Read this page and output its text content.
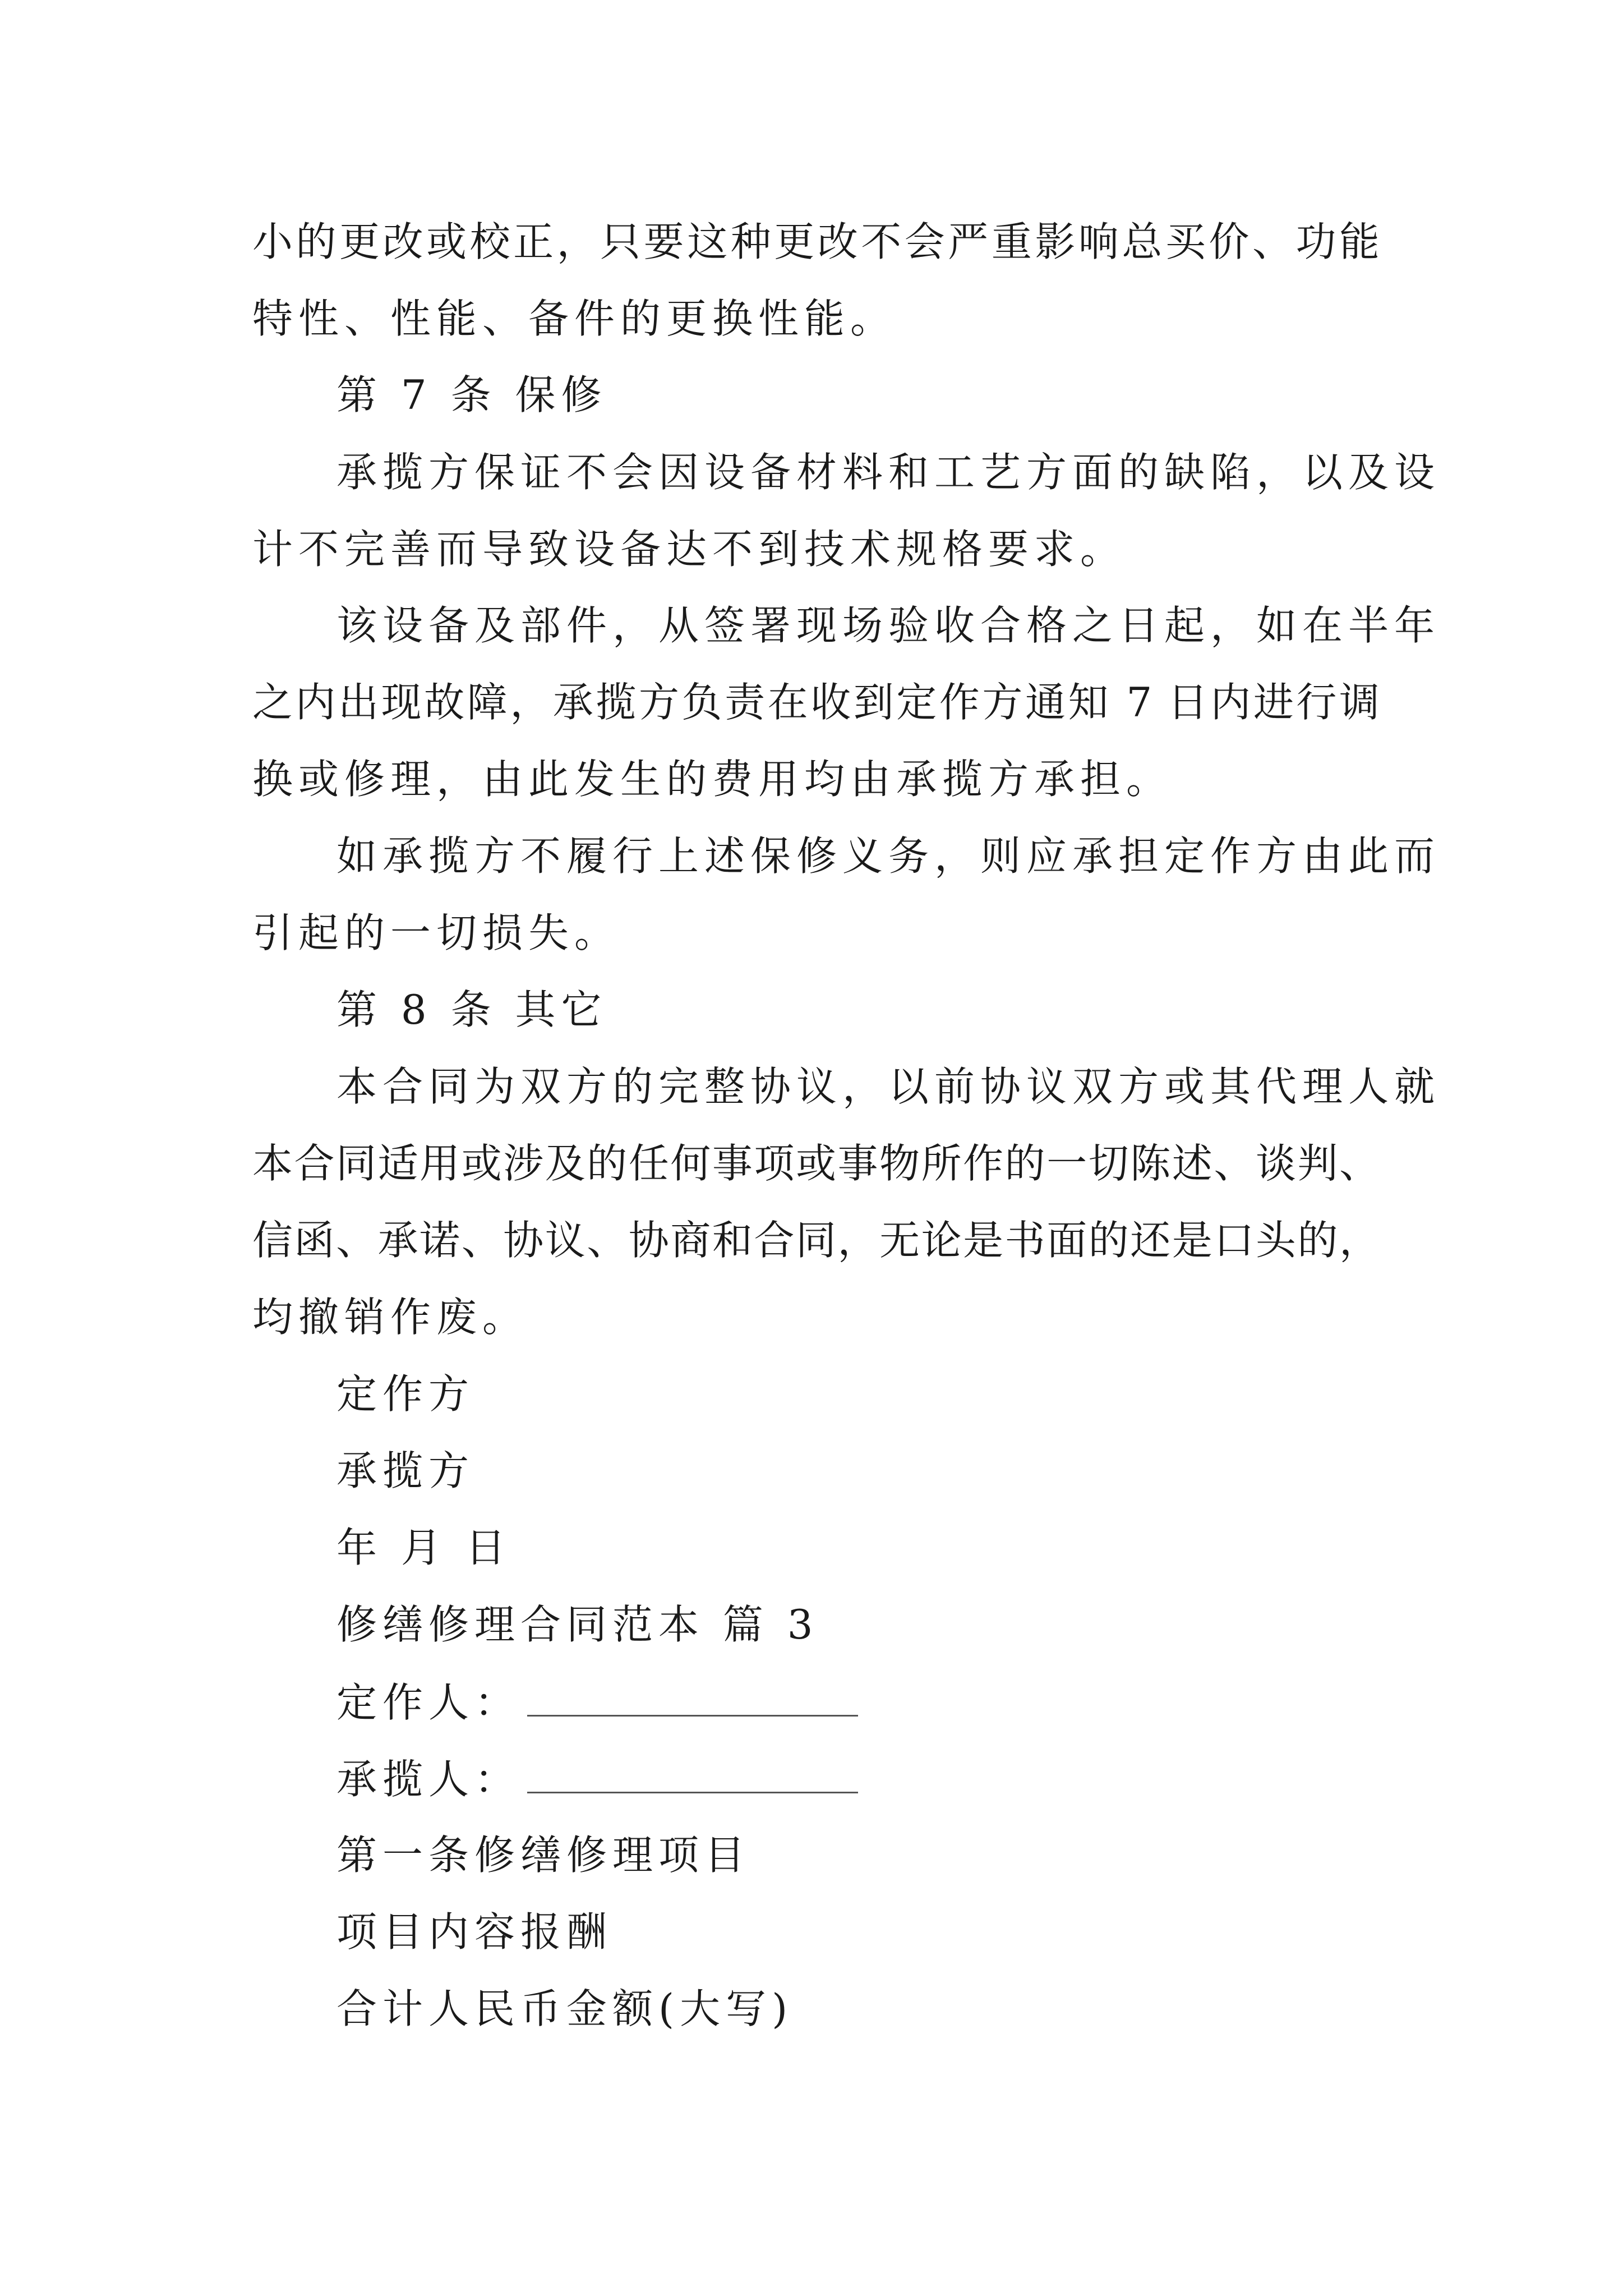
小的更改或校正，只要这种更改不会严重影响总买价、功能
特性、性能、备件的更换性能。
第 7 条 保修
承揽方保证不会因设备材料和工艺方面的缺陷，以及设
计不完善而导致设备达不到技术规格要求。
该设备及部件，从签署现场验收合格之日起，如在半年
之内出现故障，承揽方负责在收到定作方通知 7 日内进行调
换或修理，由此发生的费用均由承揽方承担。
如承揽方不履行上述保修义务，则应承担定作方由此而
引起的一切损失。
第 8 条 其它
本合同为双方的完整协议，以前协议双方或其代理人就
本合同适用或涉及的任何事项或事物所作的一切陈述、谈判、
信函、承诺、协议、协商和合同，无论是书面的还是口头的，
均撤销作废。
定作方
承揽方
年 月 日
修缮修理合同范本 篇 3
定作人：
承揽人：
第一条修缮修理项目
项目内容报酬
合计人民币金额(大写)
